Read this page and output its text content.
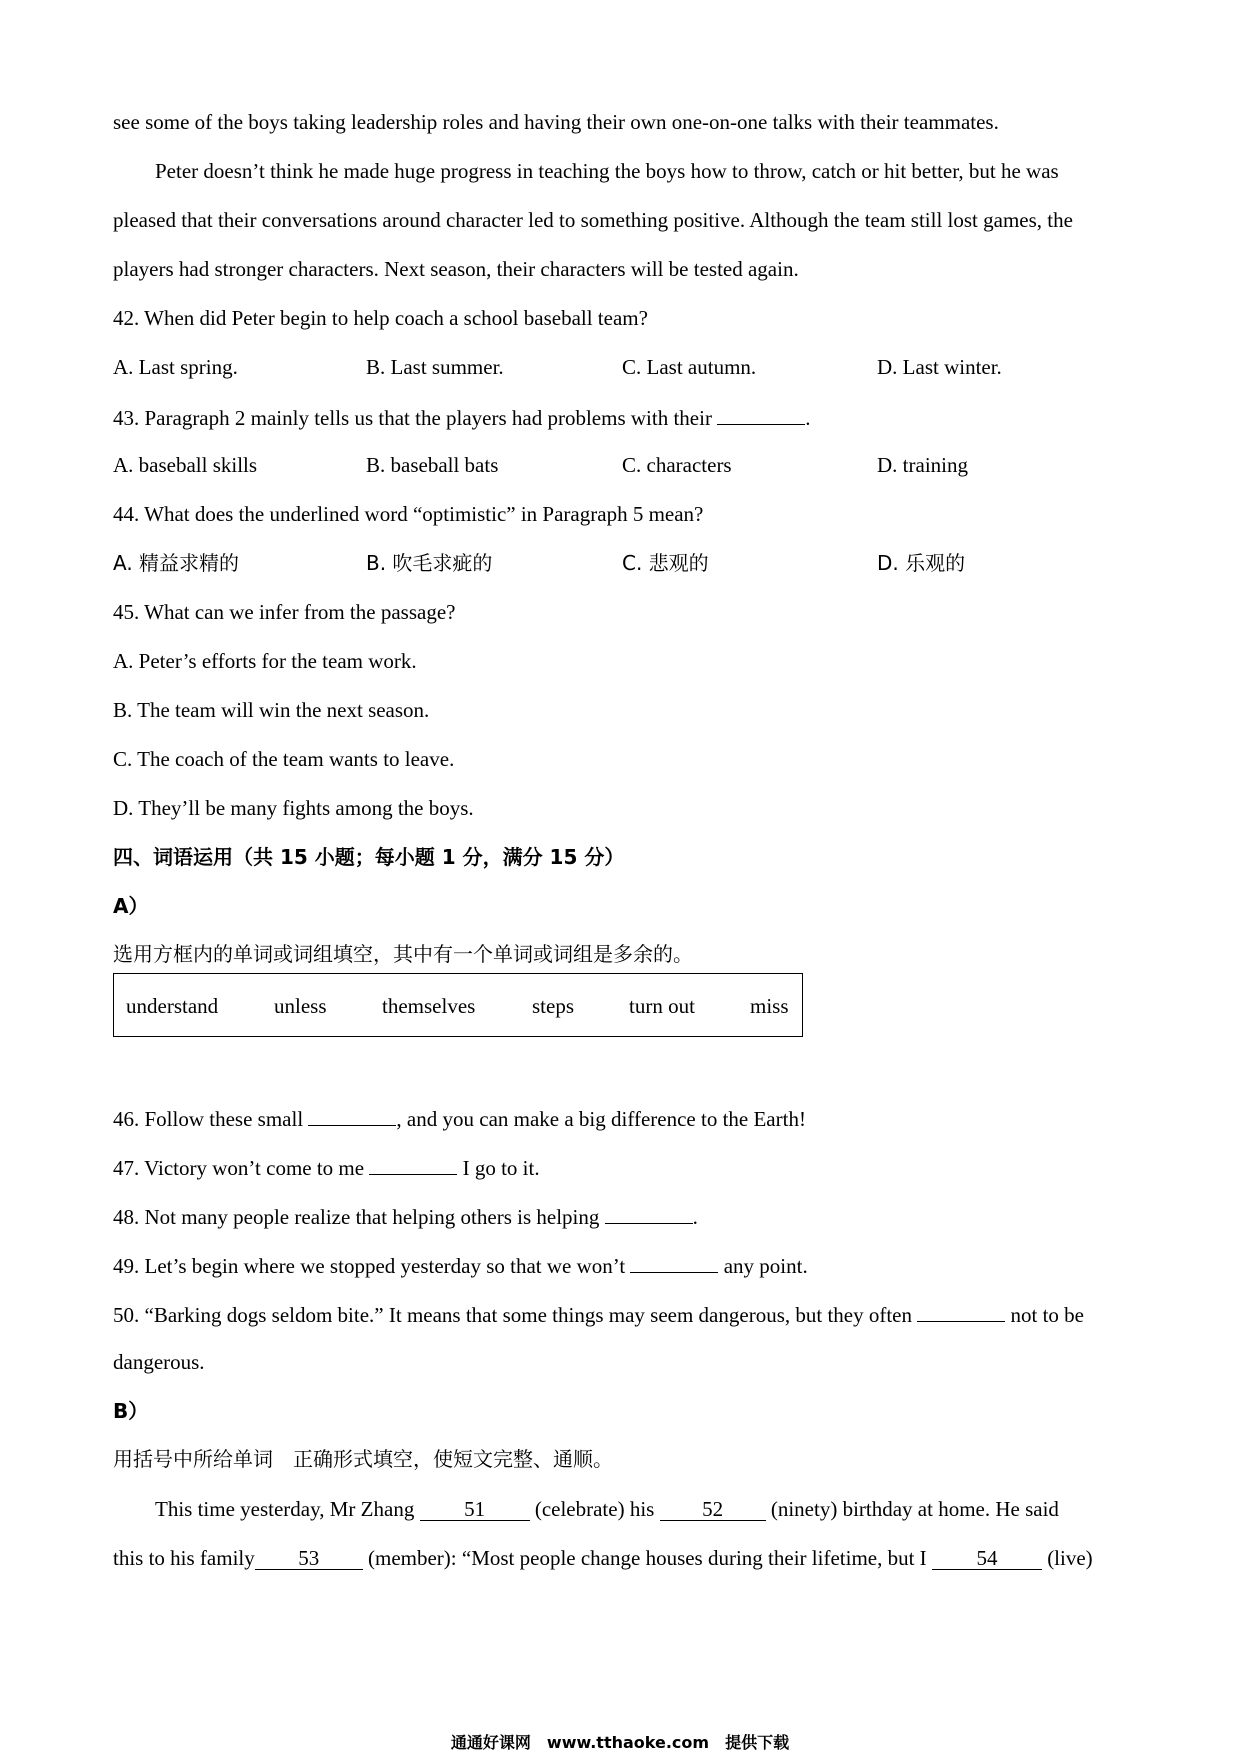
see some of the boys taking leadership roles and having their own one-on-one talks with their teammates.
Peter doesn’t think he made huge progress in teaching the boys how to throw, catch or hit better, but he was
pleased that their conversations around character led to something positive. Although the team still lost games, the
players had stronger characters. Next season, their characters will be tested again.
42. When did Peter begin to help coach a school baseball team?
A. Last spring.	B. Last summer.	C. Last autumn.	D. Last winter.
43. Paragraph 2 mainly tells us that the players had problems with their	.
A. baseball skills	B. baseball bats	C. characters	D. training
44. What does the underlined word “optimistic” in Paragraph 5 mean?
A. 精益求精的	B. 吹毛求疵的	C. 悲观的	D. 乐观的
45. What can we infer from the passage?
A. Peter’s efforts for the team work.
B. The team will win the next season.
C. The coach of the team wants to leave.
D. They’ll be many fights among the boys.
四、词语运用（共 15 小题；每小题 1 分，满分 15 分）
A）
选用方框内的单词或词组填空，其中有一个单词或词组是多余的。
understand	unless	themselves	steps	turn out	miss
46. Follow these small	, and you can make a big difference to the Earth!
47. Victory won’t come to me	I go to it.
48. Not many people realize that helping others is helping	.
49. Let’s begin where we stopped yesterday so that we won’t	any point.
50. “Barking dogs seldom bite.” It means that some things may seem dangerous, but they often	not to be
dangerous.
B）
用括号中所给单词　正确形式填空，使短文完整、通顺。
This time yesterday, Mr Zhang 51 (celebrate) his 52 (ninety) birthday at home. He said
this to his family 53 (member): “Most people change houses during their lifetime, but I 54 (live)
通通好课网　www.tthaoke.com　提供下载
